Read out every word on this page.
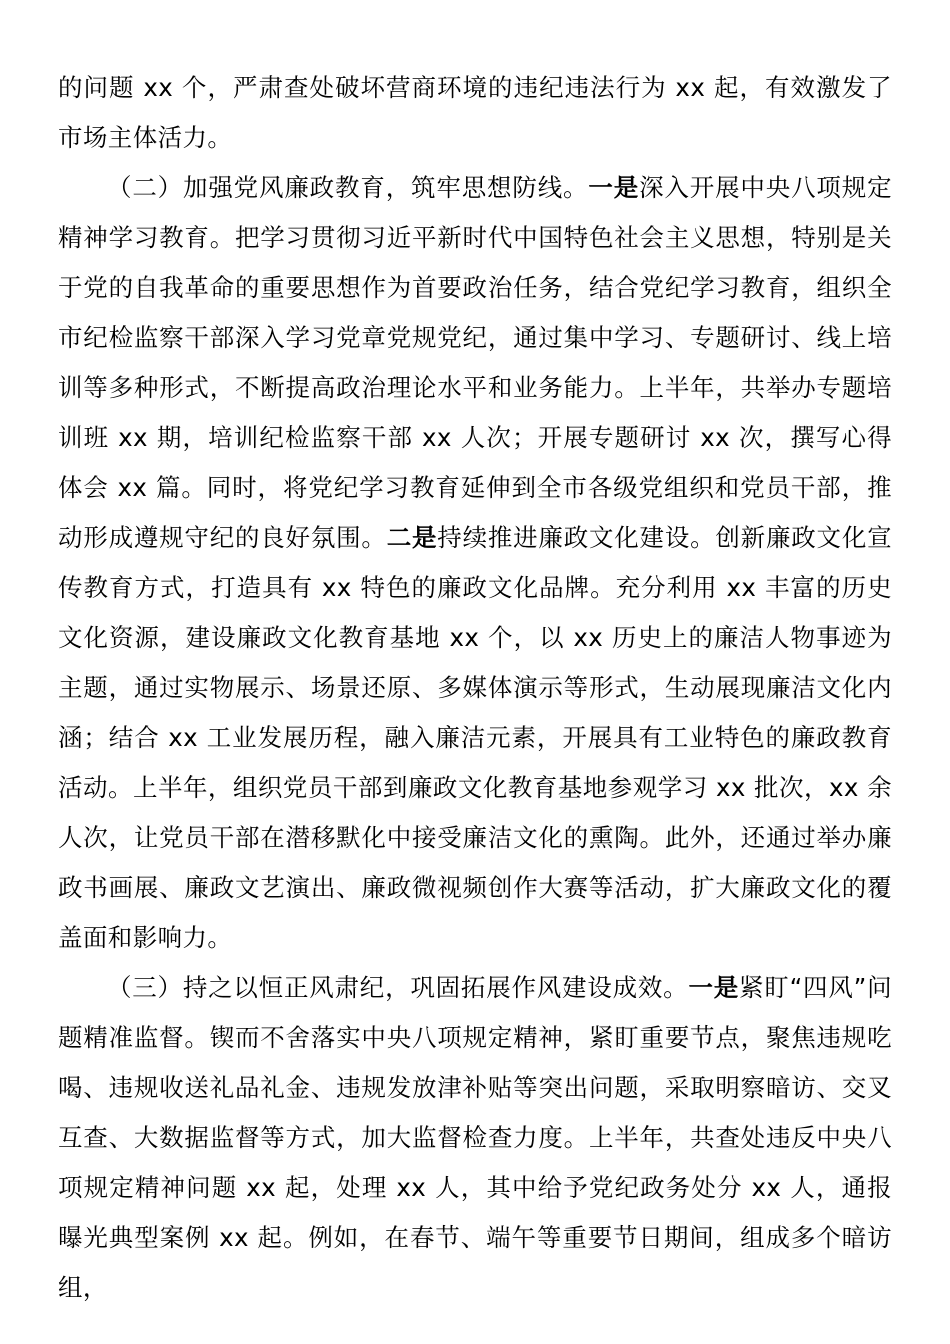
的问题 xx 个，严肃查处破坏营商环境的违纪违法行为 xx 起，有效激发了市场主体活力。

（二）加强党风廉政教育，筑牢思想防线。一是深入开展中央八项规定精神学习教育。把学习贯彻习近平新时代中国特色社会主义思想，特别是关于党的自我革命的重要思想作为首要政治任务，结合党纪学习教育，组织全市纪检监察干部深入学习党章党规党纪，通过集中学习、专题研讨、线上培训等多种形式，不断提高政治理论水平和业务能力。上半年，共举办专题培训班 xx 期，培训纪检监察干部 xx 人次；开展专题研讨 xx 次，撰写心得体会 xx 篇。同时，将党纪学习教育延伸到全市各级党组织和党员干部，推动形成遵规守纪的良好氛围。二是持续推进廉政文化建设。创新廉政文化宣传教育方式，打造具有 xx 特色的廉政文化品牌。充分利用 xx 丰富的历史文化资源，建设廉政文化教育基地 xx 个，以 xx 历史上的廉洁人物事迹为主题，通过实物展示、场景还原、多媒体演示等形式，生动展现廉洁文化内涵；结合 xx 工业发展历程，融入廉洁元素，开展具有工业特色的廉政教育活动。上半年，组织党员干部到廉政文化教育基地参观学习 xx 批次，xx 余人次，让党员干部在潜移默化中接受廉洁文化的熏陶。此外，还通过举办廉政书画展、廉政文艺演出、廉政微视频创作大赛等活动，扩大廉政文化的覆盖面和影响力。

（三）持之以恒正风肃纪，巩固拓展作风建设成效。一是紧盯“四风”问题精准监督。锲而不舍落实中央八项规定精神，紧盯重要节点，聚焦违规吃喝、违规收送礼品礼金、违规发放津补贴等突出问题，采取明察暗访、交叉互查、大数据监督等方式，加大监督检查力度。上半年，共查处违反中央八项规定精神问题 xx 起，处理 xx 人，其中给予党纪政务处分 xx 人，通报曝光典型案例 xx 起。例如，在春节、端午等重要节日期间，组成多个暗访组，
